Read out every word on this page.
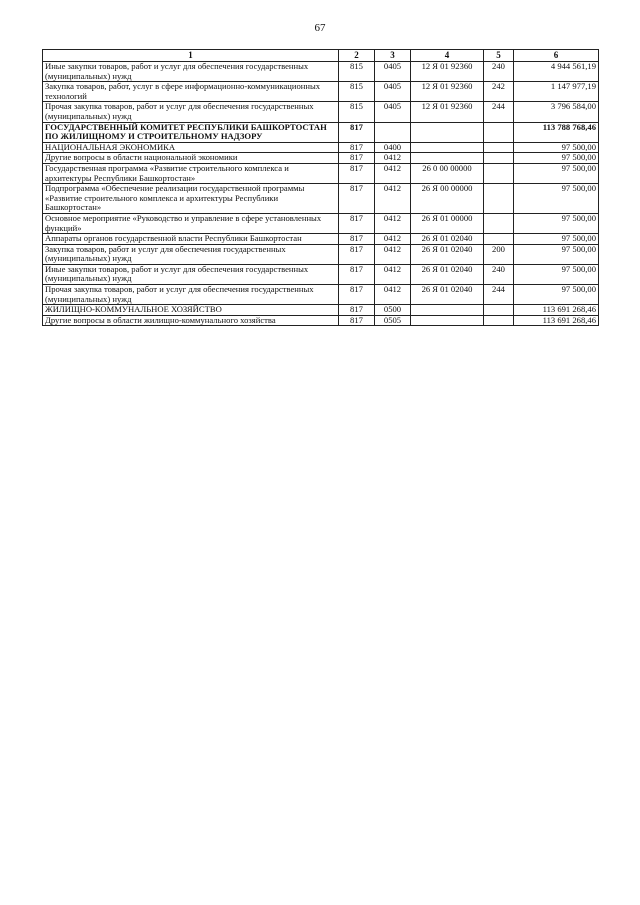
67
1	2	3	4	5	6
Иные закупки товаров, работ и услуг для обеспечения государственных (муниципальных) нужд	815	0405	12 Я 01 92360	240	4 944 561,19
Закупка товаров, работ, услуг в сфере информационно-коммуникационных технологий	815	0405	12 Я 01 92360	242	1 147 977,19
Прочая закупка товаров, работ и услуг для обеспечения государственных (муниципальных) нужд	815	0405	12 Я 01 92360	244	3 796 584,00
ГОСУДАРСТВЕННЫЙ КОМИТЕТ РЕСПУБЛИКИ БАШКОРТОСТАН ПО ЖИЛИЩНОМУ И СТРОИТЕЛЬНОМУ НАДЗОРУ	817				113 788 768,46
НАЦИОНАЛЬНАЯ ЭКОНОМИКА	817	0400			97 500,00
Другие вопросы в области национальной экономики	817	0412			97 500,00
Государственная программа «Развитие строительного комплекса и архитектуры Республики Башкортостан»	817	0412	26 0 00 00000		97 500,00
Подпрограмма «Обеспечение реализации государственной программы «Развитие строительного комплекса и архитектуры Республики Башкортостан»	817	0412	26 Я 00 00000		97 500,00
Основное мероприятие «Руководство и управление в сфере установленных функций»	817	0412	26 Я 01 00000		97 500,00
Аппараты органов государственной власти Республики Башкортостан	817	0412	26 Я 01 02040		97 500,00
Закупка товаров, работ и услуг для обеспечения государственных (муниципальных) нужд	817	0412	26 Я 01 02040	200	97 500,00
Иные закупки товаров, работ и услуг для обеспечения государственных (муниципальных) нужд	817	0412	26 Я 01 02040	240	97 500,00
Прочая закупка товаров, работ и услуг для обеспечения государственных (муниципальных) нужд	817	0412	26 Я 01 02040	244	97 500,00
ЖИЛИЩНО-КОММУНАЛЬНОЕ ХОЗЯЙСТВО	817	0500			113 691 268,46
Другие вопросы в области жилищно-коммунального хозяйства	817	0505			113 691 268,46
